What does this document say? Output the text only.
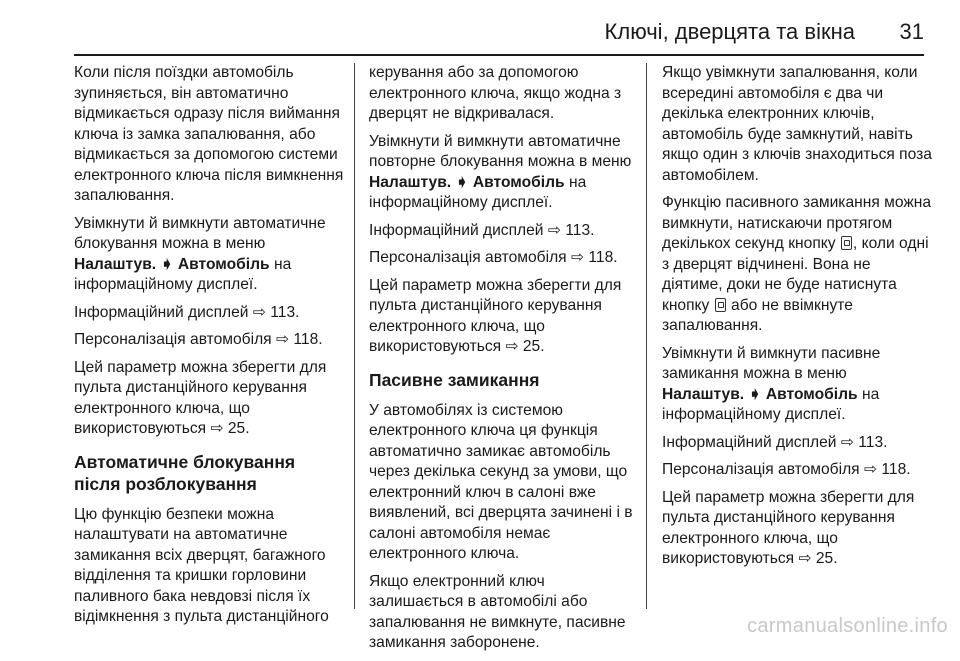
Ключі, дверцята та вікна 31

Коли після поїздки автомобіль зупиняється, він автоматично відмикається одразу після виймання ключа із замка запалювання, або відмикається за допомогою системи електронного ключа після вимкнення запалювання.

Увімкнути й вимкнути автоматичне блокування можна в меню
Налаштув. ➧ Автомобіль на інформаційному дисплеї.

Інформаційний дисплей ⇨ 113.

Персоналізація автомобіля ⇨ 118.

Цей параметр можна зберегти для пульта дистанційного керування електронного ключа, що використовуються ⇨ 25.

Автоматичне блокування після розблокування

Цю функцію безпеки можна налаштувати на автоматичне замикання всіх дверцят, багажного відділення та кришки горловини паливного бака невдовзі після їх відімкнення з пульта дистанційного

керування або за допомогою електронного ключа, якщо жодна з дверцят не відкривалася.

Увімкнути й вимкнути автоматичне повторне блокування можна в меню Налаштув. ➧ Автомобіль на інформаційному дисплеї.

Інформаційний дисплей ⇨ 113.

Персоналізація автомобіля ⇨ 118.

Цей параметр можна зберегти для пульта дистанційного керування електронного ключа, що використовуються ⇨ 25.

Пасивне замикання

У автомобілях із системою електронного ключа ця функція автоматично замикає автомобіль через декілька секунд за умови, що електронний ключ в салоні вже виявлений, всі дверцята зачинені і в салоні автомобіля немає електронного ключа.

Якщо електронний ключ залишається в автомобілі або запалювання не вимкнуте, пасивне замикання заборонене.

Якщо увімкнути запалювання, коли всередині автомобіля є два чи декілька електронних ключів, автомобіль буде замкнутий, навіть якщо один з ключів знаходиться поза автомобілем.

Функцію пасивного замикання можна вимкнути, натискаючи протягом декількох секунд кнопку , коли одні з дверцят відчинені. Вона не діятиме, доки не буде натиснута кнопку або не ввімкнуте запалювання.

Увімкнути й вимкнути пасивне замикання можна в меню
Налаштув. ➧ Автомобіль на інформаційному дисплеї.

Інформаційний дисплей ⇨ 113.

Персоналізація автомобіля ⇨ 118.

Цей параметр можна зберегти для пульта дистанційного керування електронного ключа, що використовуються ⇨ 25.

carmanualsonline.info
